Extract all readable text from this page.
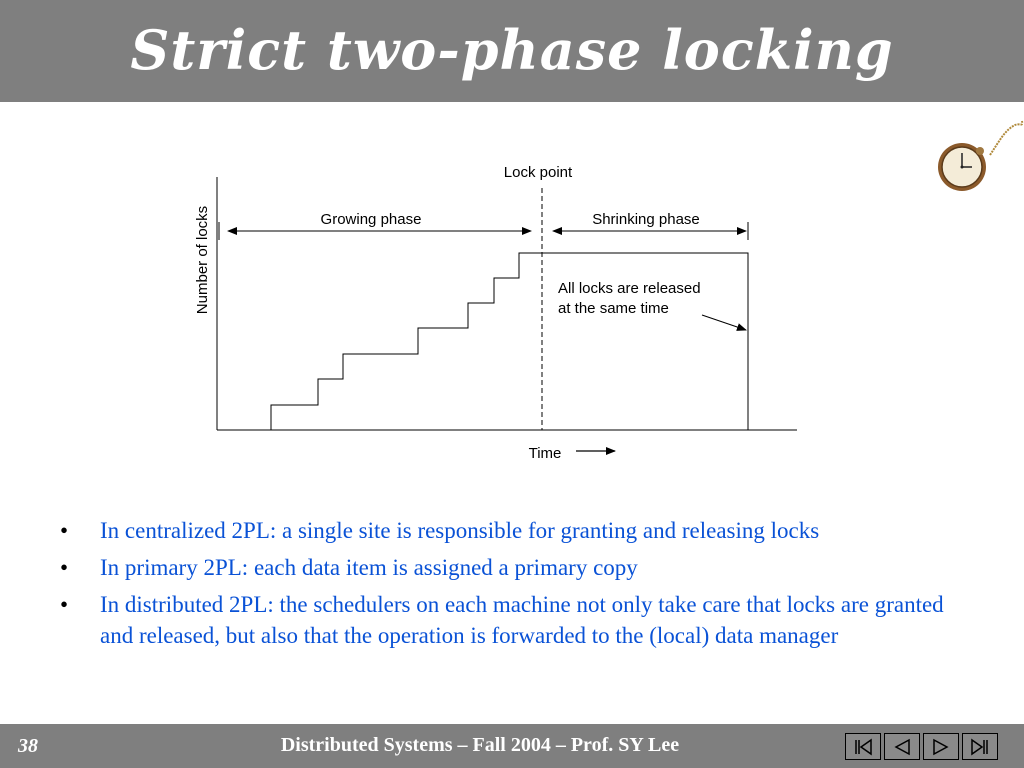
Strict two-phase locking
Lock point
Growing phase	Shrinking phase
Number of locks
Time
All locks are released
at the same time
• In centralized 2PL: a single site is responsible for granting and releasing locks
• In primary 2PL: each data item is assigned a primary copy
• In distributed 2PL: the schedulers on each machine not only take care that locks are granted and released, but also that the operation is forwarded to the (local) data manager
38	Distributed Systems – Fall 2004 – Prof. SY Lee
